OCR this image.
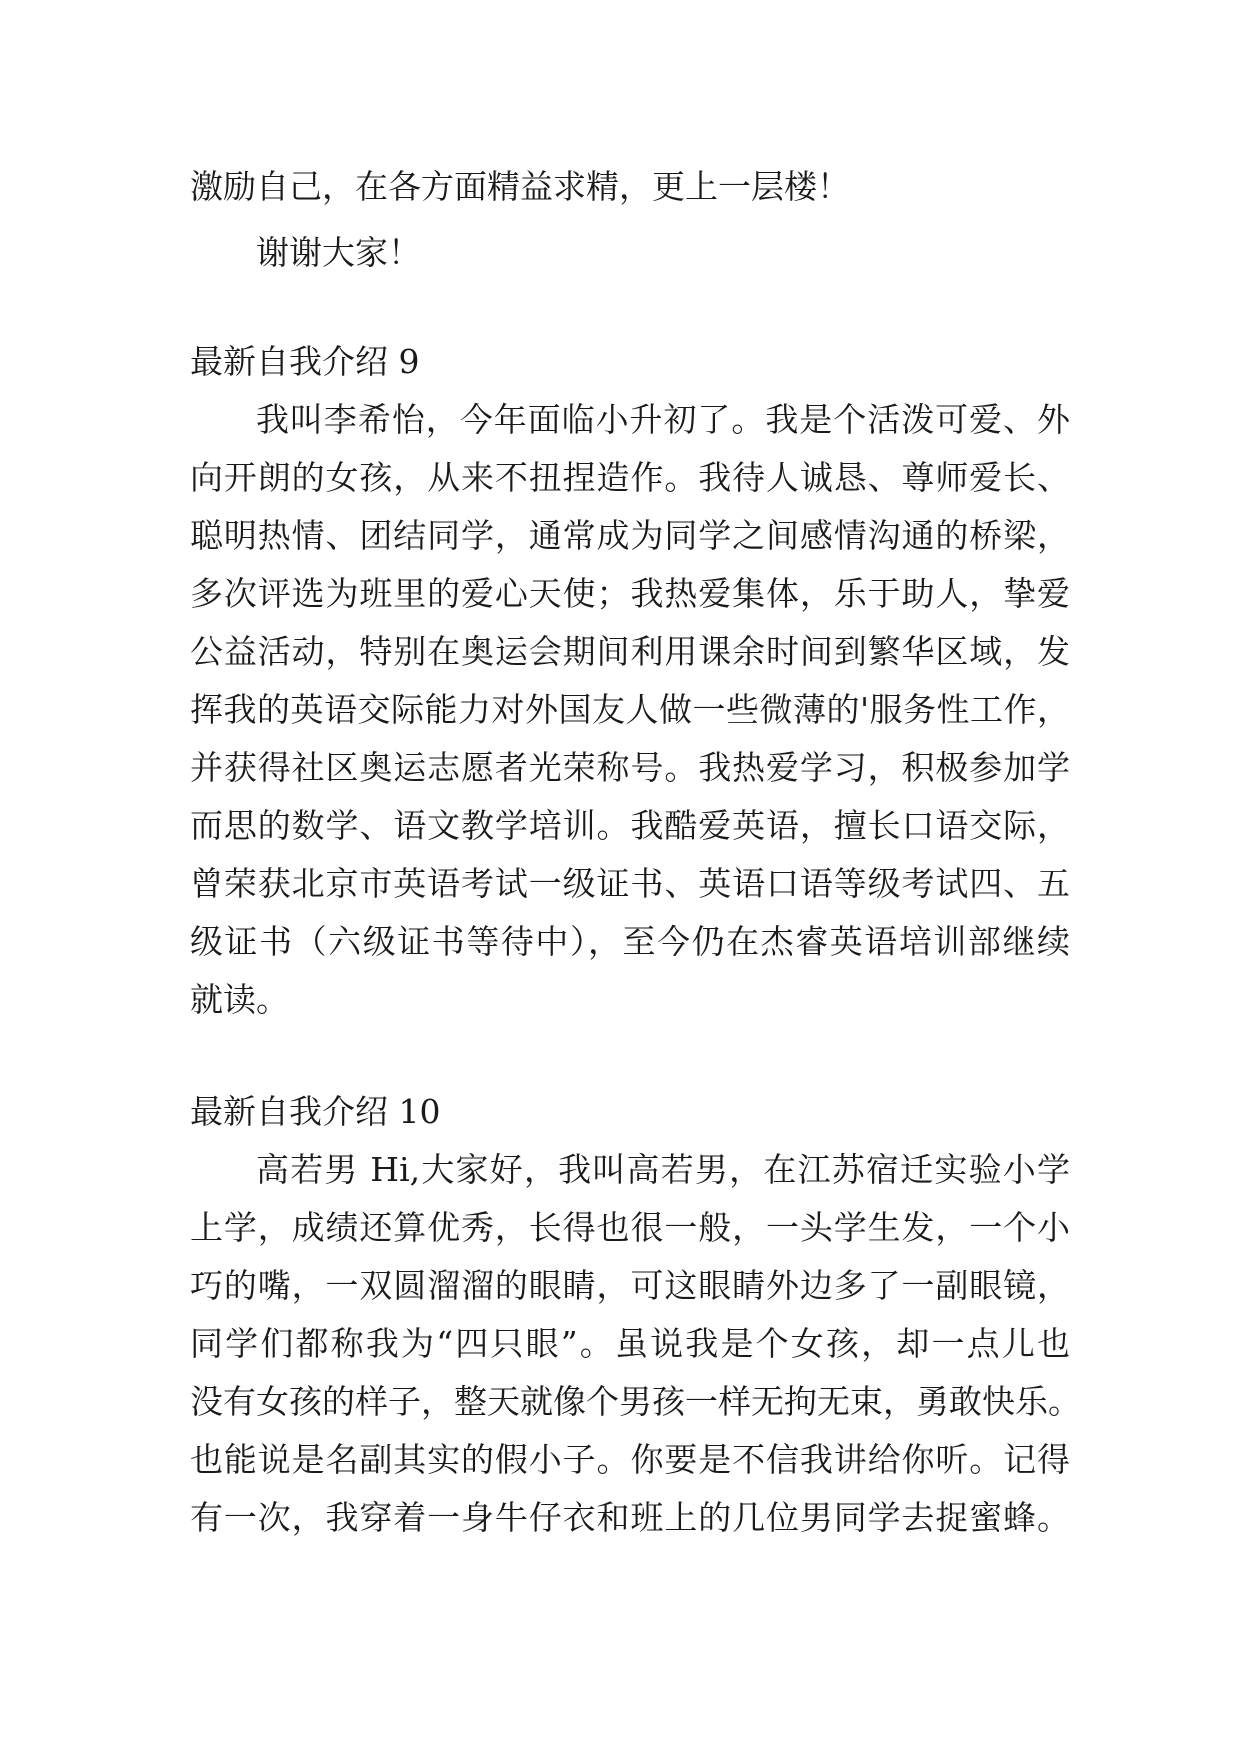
激励自己，在各方面精益求精，更上一层楼！
谢谢大家！
最新自我介绍 9
我叫李希怡，今年面临小升初了。我是个活泼可爱、外
向开朗的女孩，从来不扭捏造作。我待人诚恳、尊师爱长、
聪明热情、团结同学，通常成为同学之间感情沟通的桥梁，
多次评选为班里的爱心天使；我热爱集体，乐于助人，挚爱
公益活动，特别在奥运会期间利用课余时间到繁华区域，发
挥我的英语交际能力对外国友人做一些微薄的'服务性工作，
并获得社区奥运志愿者光荣称号。我热爱学习，积极参加学
而思的数学、语文教学培训。我酷爱英语，擅长口语交际，
曾荣获北京市英语考试一级证书、英语口语等级考试四、五
级证书（六级证书等待中），至今仍在杰睿英语培训部继续
就读。
最新自我介绍 10
高若男 Hi,大家好，我叫高若男，在江苏宿迁实验小学
上学，成绩还算优秀，长得也很一般，一头学生发，一个小
巧的嘴，一双圆溜溜的眼睛，可这眼睛外边多了一副眼镜，
同学们都称我为“四只眼”。虽说我是个女孩，却一点儿也
没有女孩的样子，整天就像个男孩一样无拘无束，勇敢快乐。
也能说是名副其实的假小子。你要是不信我讲给你听。记得
有一次，我穿着一身牛仔衣和班上的几位男同学去捉蜜蜂。
